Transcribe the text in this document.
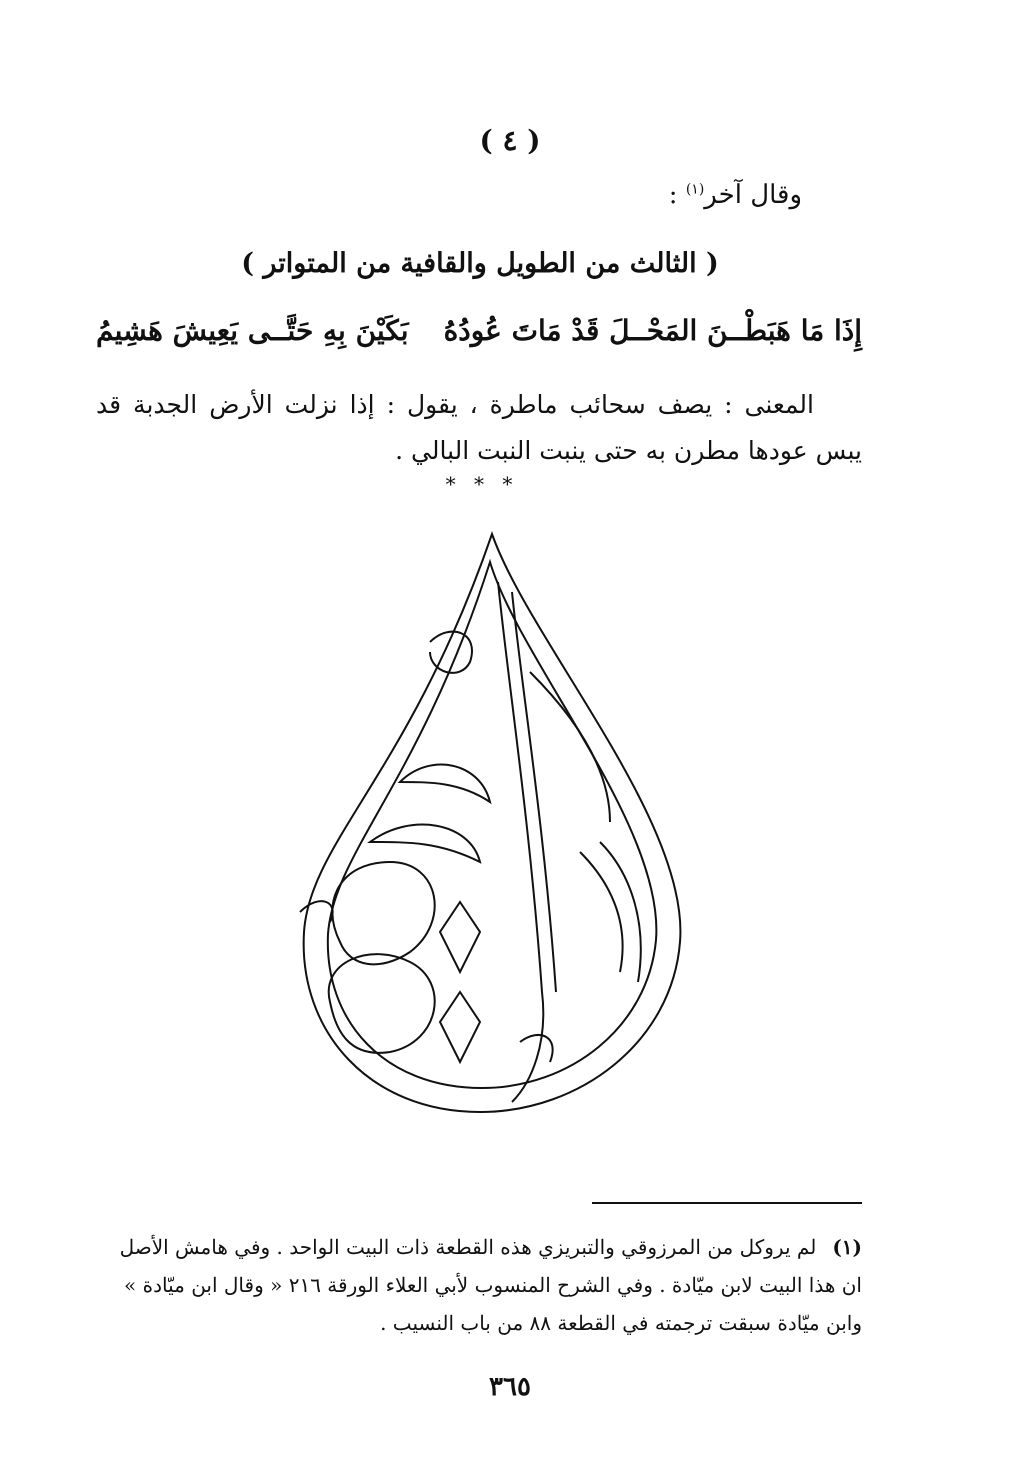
( ٤ )
وقال آخر$^{(١)}$ :
( الثالث من الطويل والقافية من المتواتر )
إِذَا مَا هَبَطْــنَ المَحْــلَ قَدْ مَاتَ عُودُهُ
بَكَيْنَ بِهِ حَتَّــى يَعِيشَ هَشِيمُ
المعنى : يصف سحائب ماطرة ، يقول : إذا نزلت الأرض الجدبة قد يبس عودها مطرن به حتى ينبت النبت البالي .
* * *
(١)لم يروكل من المرزوقي والتبريزي هذه القطعة ذات البيت الواحد . وفي هامش الأصل ان هذا البيت لابن ميّادة . وفي الشرح المنسوب لأبي العلاء الورقة ٢١٦ « وقال ابن ميّادة » وابن ميّادة سبقت ترجمته في القطعة ٨٨ من باب النسيب .
٣٦٥
